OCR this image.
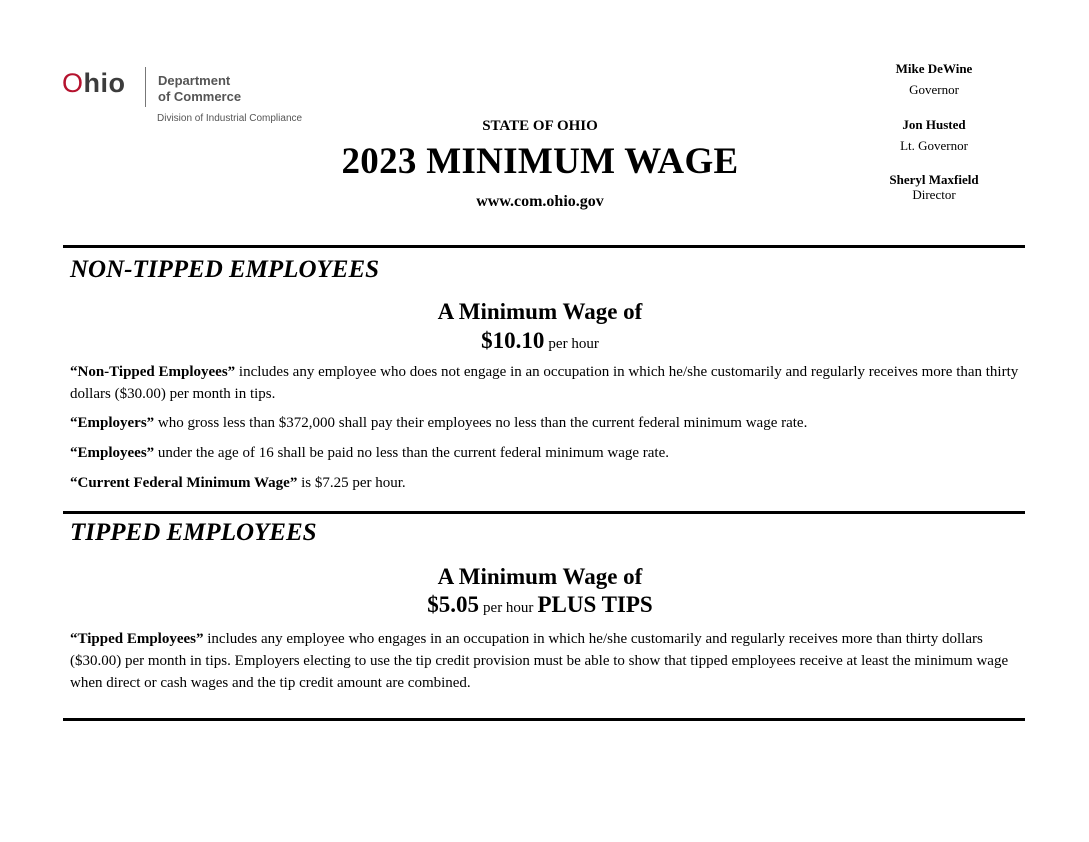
Ohio Department
of Commerce
Division of Industrial Compliance	STATE OF OHIO
2023 MINIMUM WAGE
www.com.ohio.gov
Mike DeWine
Governor
Jon Husted
Lt. Governor
Sheryl Maxfield
Director
NON-TIPPED EMPLOYEES
A Minimum Wage of
$10.10 per hour
“Non-Tipped Employees” includes any employee who does not engage in an occupation in which he/she customarily and regularly receives more than thirty dollars ($30.00) per month in tips.
“Employers” who gross less than $372,000 shall pay their employees no less than the current federal minimum wage rate.
“Employees” under the age of 16 shall be paid no less than the current federal minimum wage rate.
“Current Federal Minimum Wage” is $7.25 per hour.
TIPPED EMPLOYEES
A Minimum Wage of
$5.05 per hour PLUS TIPS
“Tipped Employees” includes any employee who engages in an occupation in which he/she customarily and regularly receives more than thirty dollars ($30.00) per month in tips. Employers electing to use the tip credit provision must be able to show that tipped employees receive at least the minimum wage when direct or cash wages and the tip credit amount are combined.
